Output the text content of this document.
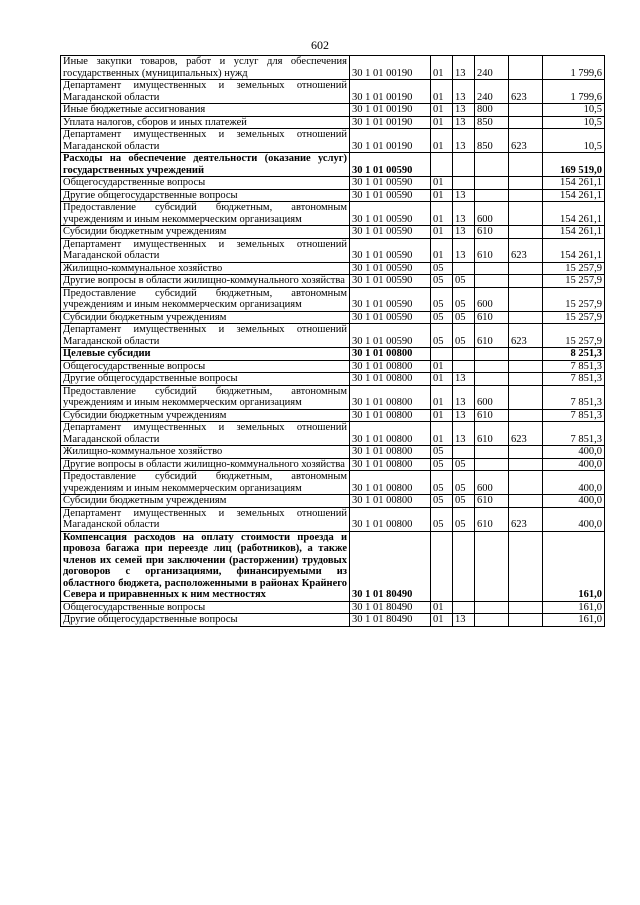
602
Иные закупки товаров, работ и услуг для обеспечения государственных (муниципальных) нужд	30 1 01 00190	01	13	240		1 799,6
Департамент имущественных и земельных отношений Магаданской области	30 1 01 00190	01	13	240	623	1 799,6
Иные бюджетные ассигнования	30 1 01 00190	01	13	800		10,5
Уплата налогов, сборов и иных платежей	30 1 01 00190	01	13	850		10,5
Департамент имущественных и земельных отношений Магаданской области	30 1 01 00190	01	13	850	623	10,5
Расходы на обеспечение деятельности (оказание услуг) государственных учреждений	30 1 01 00590					169 519,0
Общегосударственные вопросы	30 1 01 00590	01				154 261,1
Другие общегосударственные вопросы	30 1 01 00590	01	13			154 261,1
Предоставление субсидий бюджетным, автономным учреждениям и иным некоммерческим организациям	30 1 01 00590	01	13	600		154 261,1
Субсидии бюджетным учреждениям	30 1 01 00590	01	13	610		154 261,1
Департамент имущественных и земельных отношений Магаданской области	30 1 01 00590	01	13	610	623	154 261,1
Жилищно-коммунальное хозяйство	30 1 01 00590	05				15 257,9
Другие вопросы в области жилищно-коммунального хозяйства	30 1 01 00590	05	05			15 257,9
Предоставление субсидий бюджетным, автономным учреждениям и иным некоммерческим организациям	30 1 01 00590	05	05	600		15 257,9
Субсидии бюджетным учреждениям	30 1 01 00590	05	05	610		15 257,9
Департамент имущественных и земельных отношений Магаданской области	30 1 01 00590	05	05	610	623	15 257,9
Целевые субсидии	30 1 01 00800					8 251,3
Общегосударственные вопросы	30 1 01 00800	01				7 851,3
Другие общегосударственные вопросы	30 1 01 00800	01	13			7 851,3
Предоставление субсидий бюджетным, автономным учреждениям и иным некоммерческим организациям	30 1 01 00800	01	13	600		7 851,3
Субсидии бюджетным учреждениям	30 1 01 00800	01	13	610		7 851,3
Департамент имущественных и земельных отношений Магаданской области	30 1 01 00800	01	13	610	623	7 851,3
Жилищно-коммунальное хозяйство	30 1 01 00800	05				400,0
Другие вопросы в области жилищно-коммунального хозяйства	30 1 01 00800	05	05			400,0
Предоставление субсидий бюджетным, автономным учреждениям и иным некоммерческим организациям	30 1 01 00800	05	05	600		400,0
Субсидии бюджетным учреждениям	30 1 01 00800	05	05	610		400,0
Департамент имущественных и земельных отношений Магаданской области	30 1 01 00800	05	05	610	623	400,0
Компенсация расходов на оплату стоимости проезда и провоза багажа при переезде лиц (работников), а также членов их семей при заключении (расторжении) трудовых договоров с организациями, финансируемыми из областного бюджета, расположенными в районах Крайнего Севера и приравненных к ним местностях	30 1 01 80490					161,0
Общегосударственные вопросы	30 1 01 80490	01				161,0
Другие общегосударственные вопросы	30 1 01 80490	01	13			161,0
